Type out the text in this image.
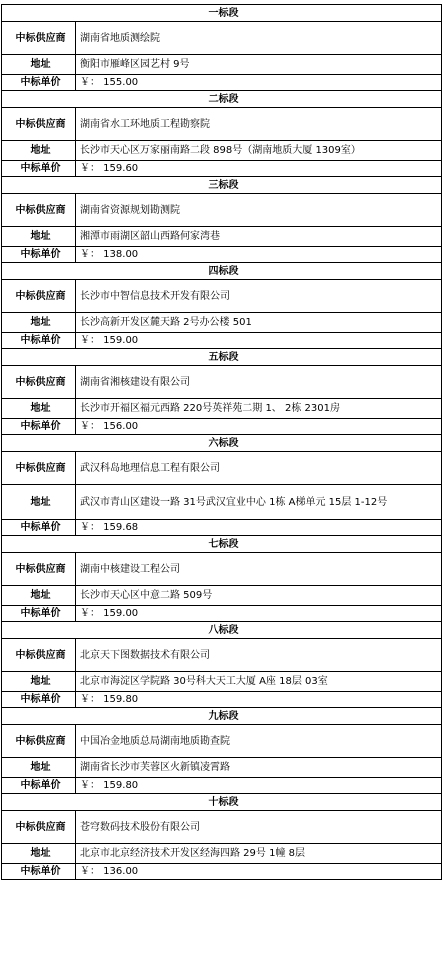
一标段	
中标供应商	湖南省地质测绘院
地址	衡阳市雁峰区园艺村 9号
中标单价	￥： 155.00
二标段	
中标供应商	湖南省水工环地质工程勘察院
地址	长沙市天心区万家丽南路二段 898号（湖南地质大厦 1309室）
中标单价	￥： 159.60
三标段	
中标供应商	湖南省资源规划勘测院
地址	湘潭市雨湖区韶山西路何家湾巷
中标单价	￥： 138.00
四标段	
中标供应商	长沙市中智信息技术开发有限公司
地址	长沙高新开发区麓天路 2号办公楼 501
中标单价	￥： 159.00
五标段	
中标供应商	湖南省湘核建设有限公司
地址	长沙市开福区福元西路 220号英祥苑二期 1、 2栋 2301房
中标单价	￥： 156.00
六标段	
中标供应商	武汉科岛地理信息工程有限公司
地址	武汉市青山区建设一路 31号武汉宜业中心 1栋 A梯单元 15层 1-12号
中标单价	￥： 159.68
七标段	
中标供应商	湖南中核建设工程公司
地址	长沙市天心区中意二路 509号
中标单价	￥： 159.00
八标段	
中标供应商	北京天下图数据技术有限公司
地址	北京市海淀区学院路 30号科大天工大厦 A座 18层 03室
中标单价	￥： 159.80
九标段	
中标供应商	中国冶金地质总局湖南地质勘查院
地址	湖南省长沙市芙蓉区火新镇凌霄路
中标单价	￥： 159.80
十标段	
中标供应商	苍穹数码技术股份有限公司
地址	北京市北京经济技术开发区经海四路 29号 1幢 8层
中标单价	￥： 136.00
